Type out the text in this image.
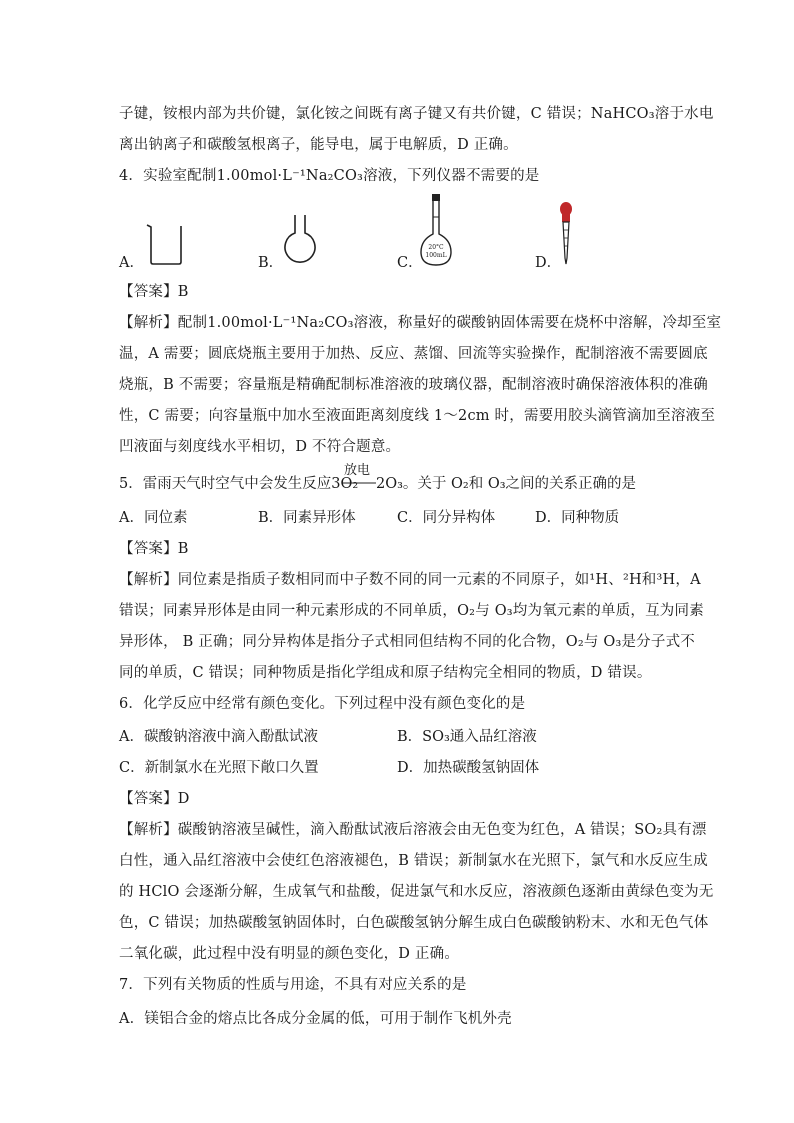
子键，铵根内部为共价键，氯化铵之间既有离子键又有共价键，C 错误；NaHCO₃溶于水电
离出钠离子和碳酸氢根离子，能导电，属于电解质，D 正确。
4．实验室配制1.00mol·L⁻¹Na₂CO₃溶液，下列仪器不需要的是
A．	B．	C．
20°C
100mL	D．
【答案】B
【解析】配制1.00mol·L⁻¹Na₂CO₃溶液，称量好的碳酸钠固体需要在烧杯中溶解，冷却至室
温，A 需要；圆底烧瓶主要用于加热、反应、蒸馏、回流等实验操作，配制溶液不需要圆底
烧瓶，B 不需要；容量瓶是精确配制标准溶液的玻璃仪器，配制溶液时确保溶液体积的准确
性，C 需要；向容量瓶中加水至液面距离刻度线 1～2cm 时，需要用胶头滴管滴加至溶液至
凹液面与刻度线水平相切，D 不符合题意。
5．雷雨天气时空气中会发生反应3O₂
放电
2O₃。关于 O₂和 O₃之间的关系正确的是
A．同位素	B．同素异形体	C．同分异构体	D．同种物质
【答案】B
【解析】同位素是指质子数相同而中子数不同的同一元素的不同原子，如¹H、²H和³H，A
错误；同素异形体是由同一种元素形成的不同单质，O₂与 O₃均为氧元素的单质，互为同素
异形体， B 正确；同分异构体是指分子式相同但结构不同的化合物，O₂与 O₃是分子式不
同的单质，C 错误；同种物质是指化学组成和原子结构完全相同的物质，D 错误。
6．化学反应中经常有颜色变化。下列过程中没有颜色变化的是
A．碳酸钠溶液中滴入酚酞试液	B．SO₃通入品红溶液
C．新制氯水在光照下敞口久置	D．加热碳酸氢钠固体
【答案】D
【解析】碳酸钠溶液呈碱性，滴入酚酞试液后溶液会由无色变为红色，A 错误；SO₂具有漂
白性，通入品红溶液中会使红色溶液褪色，B 错误；新制氯水在光照下，氯气和水反应生成
的 HClO 会逐渐分解，生成氧气和盐酸，促进氯气和水反应，溶液颜色逐渐由黄绿色变为无
色，C 错误；加热碳酸氢钠固体时，白色碳酸氢钠分解生成白色碳酸钠粉末、水和无色气体
二氧化碳，此过程中没有明显的颜色变化，D 正确。
7．下列有关物质的性质与用途，不具有对应关系的是
A．镁铝合金的熔点比各成分金属的低，可用于制作飞机外壳
